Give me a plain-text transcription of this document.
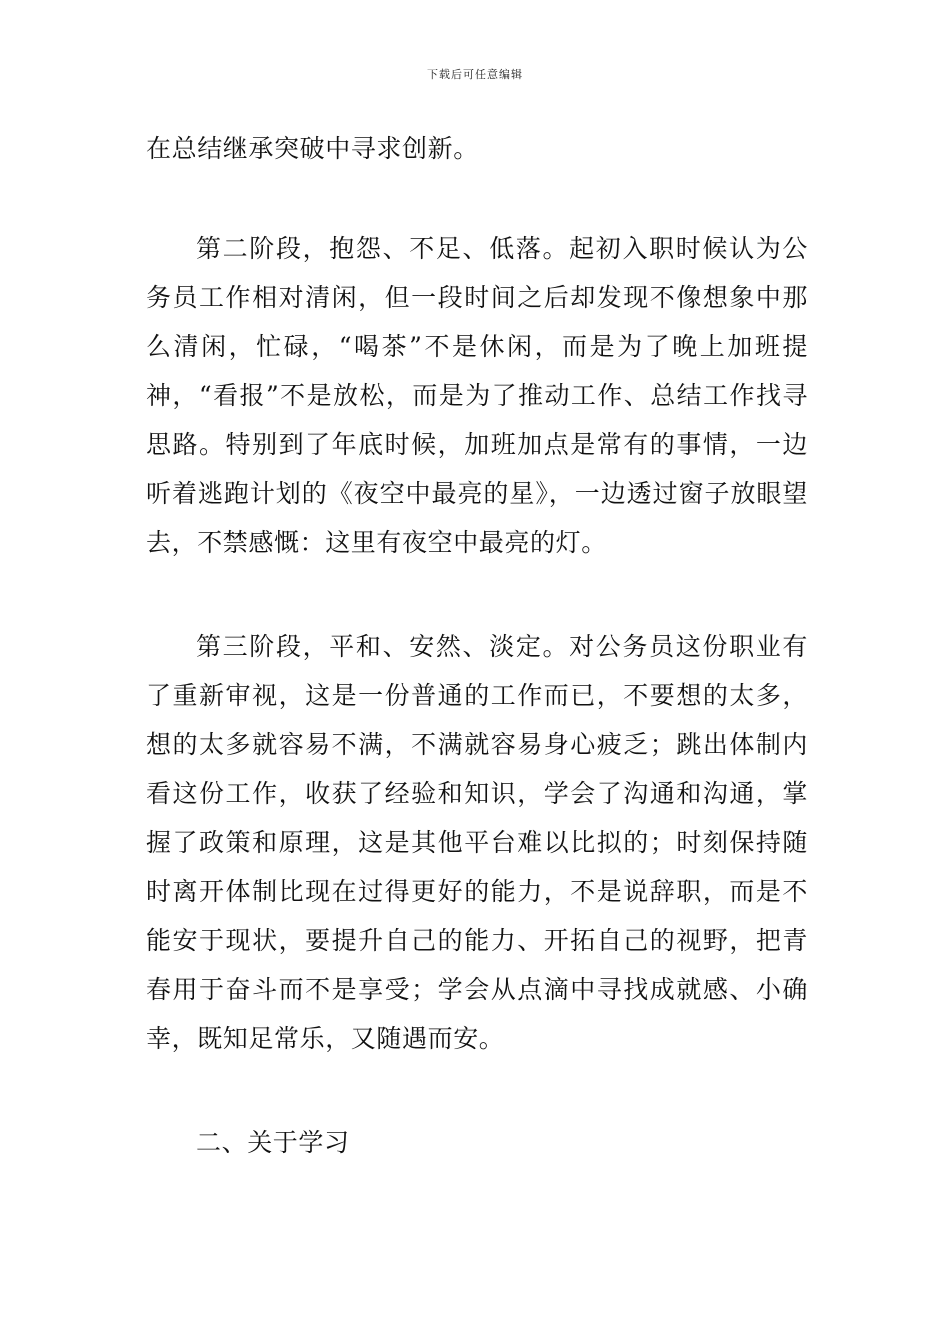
下载后可任意编辑

在总结继承突破中寻求创新。

第二阶段，抱怨、不足、低落。起初入职时候认为公务员工作相对清闲，但一段时间之后却发现不像想象中那么清闲，忙碌，“喝茶”不是休闲，而是为了晚上加班提神，“看报”不是放松，而是为了推动工作、总结工作找寻思路。特别到了年底时候，加班加点是常有的事情，一边听着逃跑计划的《夜空中最亮的星》，一边透过窗子放眼望去，不禁感慨：这里有夜空中最亮的灯。

第三阶段，平和、安然、淡定。对公务员这份职业有了重新审视，这是一份普通的工作而已，不要想的太多，想的太多就容易不满，不满就容易身心疲乏；跳出体制内看这份工作，收获了经验和知识，学会了沟通和沟通，掌握了政策和原理，这是其他平台难以比拟的；时刻保持随时离开体制比现在过得更好的能力，不是说辞职，而是不能安于现状，要提升自己的能力、开拓自己的视野，把青春用于奋斗而不是享受；学会从点滴中寻找成就感、小确幸，既知足常乐，又随遇而安。

二、关于学习
